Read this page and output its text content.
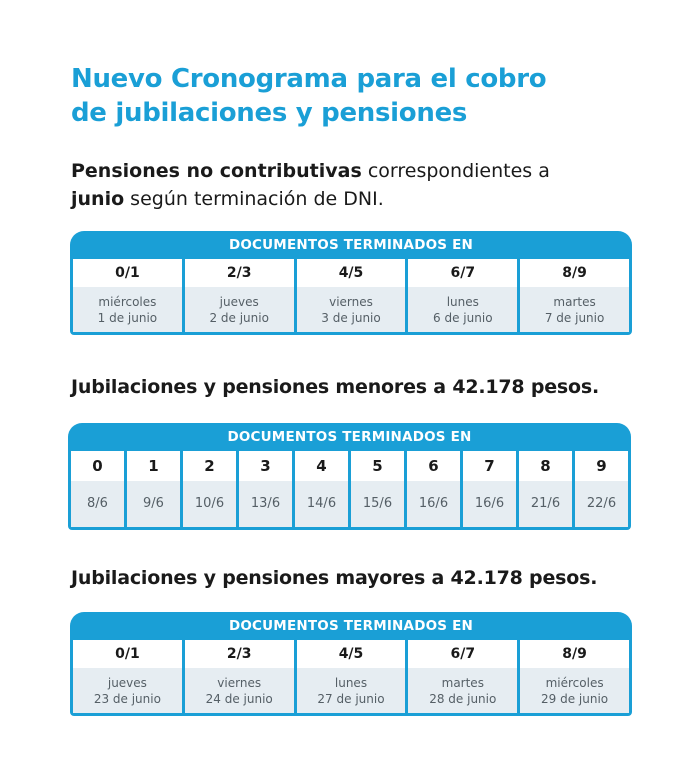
Nuevo Cronograma para el cobro
de jubilaciones y pensiones
Pensiones no contributivas correspondientes a
junio según terminación de DNI.
DOCUMENTOS TERMINADOS EN
0/1
miércoles
1 de junio
2/3
jueves
2 de junio
4/5
viernes
3 de junio
6/7
lunes
6 de junio
8/9
martes
7 de junio
Jubilaciones y pensiones menores a 42.178 pesos.
DOCUMENTOS TERMINADOS EN
0
8/6
1
9/6
2
10/6
3
13/6
4
14/6
5
15/6
6
16/6
7
16/6
8
21/6
9
22/6
Jubilaciones y pensiones mayores a 42.178 pesos.
DOCUMENTOS TERMINADOS EN
0/1
jueves
23 de junio
2/3
viernes
24 de junio
4/5
lunes
27 de junio
6/7
martes
28 de junio
8/9
miércoles
29 de junio
